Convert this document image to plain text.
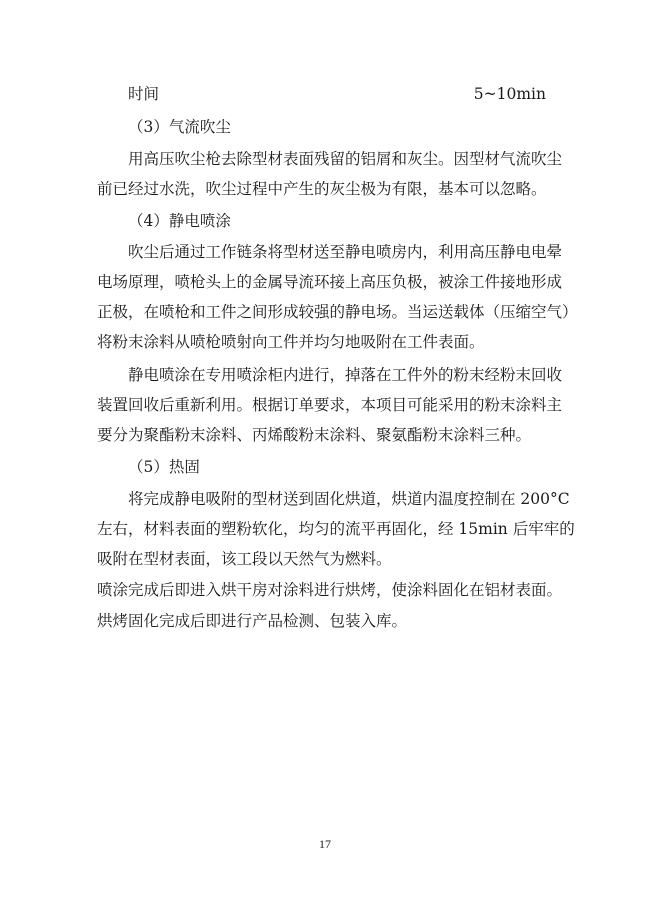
时间	5~10min
（3）气流吹尘
用高压吹尘枪去除型材表面残留的铝屑和灰尘。因型材气流吹尘
前已经过水洗，吹尘过程中产生的灰尘极为有限，基本可以忽略。
（4）静电喷涂
吹尘后通过工作链条将型材送至静电喷房内，利用高压静电电晕
电场原理，喷枪头上的金属导流环接上高压负极，被涂工件接地形成
正极，在喷枪和工件之间形成较强的静电场。当运送载体（压缩空气）
将粉末涂料从喷枪喷射向工件并均匀地吸附在工件表面。
静电喷涂在专用喷涂柜内进行，掉落在工件外的粉末经粉末回收
装置回收后重新利用。根据订单要求，本项目可能采用的粉末涂料主
要分为聚酯粉末涂料、丙烯酸粉末涂料、聚氨酯粉末涂料三种。
（5）热固
将完成静电吸附的型材送到固化烘道，烘道内温度控制在 200°C
左右，材料表面的塑粉软化，均匀的流平再固化，经 15min 后牢牢的
吸附在型材表面，该工段以天然气为燃料。
喷涂完成后即进入烘干房对涂料进行烘烤，使涂料固化在铝材表面。
烘烤固化完成后即进行产品检测、包装入库。
17
